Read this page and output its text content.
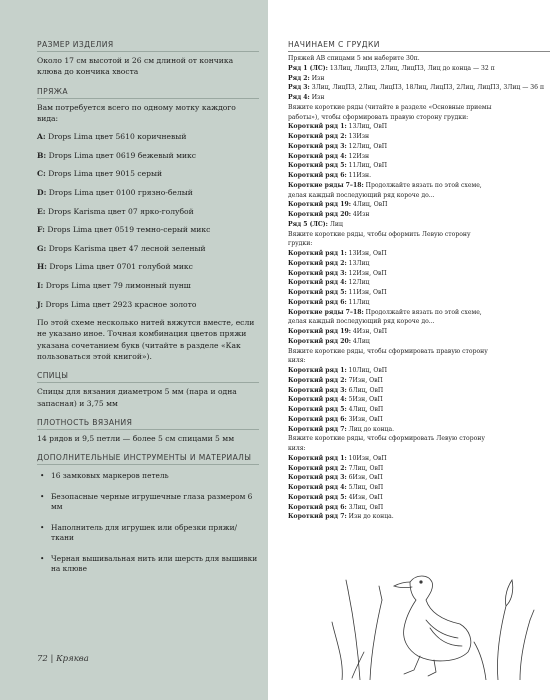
РАЗМЕР ИЗДЕЛИЯ
Около 17 см высотой и 26 см длиной от кончика клюва до кончика хвоста
ПРЯЖА
Вам потребуется всего по одному мотку каждого вида:
A: Drops Lima цвет 5610 коричневый
B: Drops Lima цвет 0619 бежевый микс
C: Drops Lima цвет 9015 серый
D: Drops Lima цвет 0100 грязно-белый
E: Drops Karisma цвет 07 ярко-голубой
F: Drops Lima цвет 0519 темно-серый микс
G: Drops Karisma цвет 47 лесной зеленый
H: Drops Lima цвет 0701 голубой микс
I: Drops Lima цвет 79 лимонный пунш
J: Drops Lima цвет 2923 красное золото
По этой схеме несколько нитей вяжутся вместе, если не указано иное. Точная комбинация цветов пряжи указана сочетанием букв (читайте в разделе «Как пользоваться этой книгой»).
СПИЦЫ
Спицы для вязания диаметром 5 мм (пара и одна запасная) и 3,75 мм
ПЛОТНОСТЬ ВЯЗАНИЯ
14 рядов и 9,5 петли — более 5 см спицами 5 мм
ДОПОЛНИТЕЛЬНЫЕ ИНСТРУМЕНТЫ И МАТЕРИАЛЫ
• 16 замковых маркеров петель
• Безопасные черные игрушечные глаза размером 6 мм
• Наполнитель для игрушек или обрезки пряжи/ткани
• Черная вышивальная нить или шерсть для вышивки на клюве
72 | Кряква
НАЧИНАЕМ С ГРУДКИ
Пряжей AB спицами 5 мм наберите 30п.
Ряд 1 (ЛС): 13Лиц, ЛицП3, 2Лиц, ЛицП3, Лиц до конца — 32 п
Ряд 2: Изн
Ряд 3: 3Лиц, ЛицП3, 2Лиц, ЛицП3, 18Лиц, ЛицП3, 2Лиц, ЛицП3, 3Лиц — 36 п
Ряд 4: Изн
Вяжите короткие ряды (читайте в разделе «Основные приемы
работы»), чтобы сформировать правую сторону грудки:
Короткий ряд 1: 13Лиц, ОвП
Короткий ряд 2: 13Изн
Короткий ряд 3: 12Лиц, ОвП
Короткий ряд 4: 12Изн
Короткий ряд 5: 11Лиц, ОвП
Короткий ряд 6: 11Изн.
Короткие ряды 7–18: Продолжайте вязать по этой схеме,
делая каждый последующий ряд короче до...
Короткий ряд 19: 4Лиц, ОвП
Короткий ряд 20: 4Изн
Ряд 5 (ЛС): Лиц
Вяжите короткие ряды, чтобы оформить Левую сторону
грудки:
Короткий ряд 1: 13Изн, ОвП
Короткий ряд 2: 13Лиц
Короткий ряд 3: 12Изн, ОвП
Короткий ряд 4: 12Лиц
Короткий ряд 5: 11Изн, ОвП
Короткий ряд 6: 11Лиц
Короткие ряды 7–18: Продолжайте вязать по этой схеме,
делая каждый последующий ряд короче до...
Короткий ряд 19: 4Изн, ОвП
Короткий ряд 20: 4Лиц
Вяжите короткие ряды, чтобы сформировать правую сторону
киля:
Короткий ряд 1: 10Лиц, ОвП
Короткий ряд 2: 7Изн, ОвП
Короткий ряд 3: 6Лиц, ОвП
Короткий ряд 4: 5Изн, ОвП
Короткий ряд 5: 4Лиц, ОвП
Короткий ряд 6: 3Изн, ОвП
Короткий ряд 7: Лиц до конца.
Вяжите короткие ряды, чтобы сформировать Левую сторону
киля:
Короткий ряд 1: 10Изн, ОвП
Короткий ряд 2: 7Лиц, ОвП
Короткий ряд 3: 6Изн, ОвП
Короткий ряд 4: 5Лиц, ОвП
Короткий ряд 5: 4Изн, ОвП
Короткий ряд 6: 3Лиц, ОвП
Короткий ряд 7: Изн до конца.
